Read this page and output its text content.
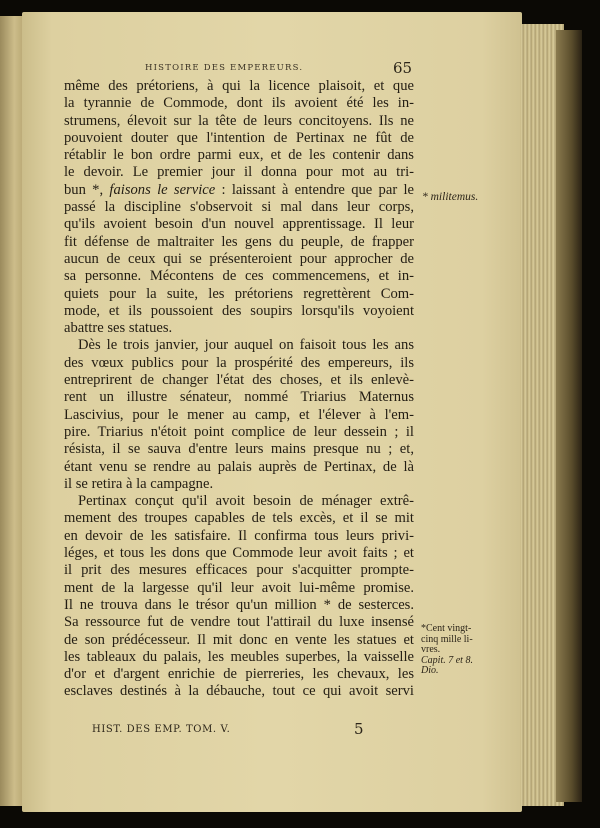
HISTOIRE DES EMPEREURS.	65
même des prétoriens, à qui la licence plaisoit, et que
la tyrannie de Commode, dont ils avoient été les in-
strumens, élevoit sur la tête de leurs concitoyens. Ils ne
pouvoient douter que l'intention de Pertinax ne fût de
rétablir le bon ordre parmi eux, et de les contenir dans
le devoir. Le premier jour il donna pour mot au tri-
bun *, faisons le service : laissant à entendre que par le
passé la discipline s'observoit si mal dans leur corps,
qu'ils avoient besoin d'un nouvel apprentissage. Il leur
fit défense de maltraiter les gens du peuple, de frapper
aucun de ceux qui se présenteroient pour approcher de
sa personne. Mécontens de ces commencemens, et in-
quiets pour la suite, les prétoriens regrettèrent Com-
mode, et ils poussoient des soupirs lorsqu'ils voyoient
abattre ses statues.
Dès le trois janvier, jour auquel on faisoit tous les ans
des vœux publics pour la prospérité des empereurs, ils
entreprirent de changer l'état des choses, et ils enlevè-
rent un illustre sénateur, nommé Triarius Maternus
Lascivius, pour le mener au camp, et l'élever à l'em-
pire. Triarius n'étoit point complice de leur dessein ; il
résista, il se sauva d'entre leurs mains presque nu ; et,
étant venu se rendre au palais auprès de Pertinax, de là
il se retira à la campagne.
Pertinax conçut qu'il avoit besoin de ménager extrê-
mement des troupes capables de tels excès, et il se mit
en devoir de les satisfaire. Il confirma tous leurs privi-
léges, et tous les dons que Commode leur avoit faits ; et
il prit des mesures efficaces pour s'acquitter prompte-
ment de la largesse qu'il leur avoit lui-même promise.
Il ne trouva dans le trésor qu'un million * de sesterces.
Sa ressource fut de vendre tout l'attirail du luxe insensé
de son prédécesseur. Il mit donc en vente les statues et
les tableaux du palais, les meubles superbes, la vaisselle
d'or et d'argent enrichie de pierreries, les chevaux, les
esclaves destinés à la débauche, tout ce qui avoit servi
* militemus.
*Cent vingt-
cinq mille li-
vres.
Capit. 7 et 8.
Dio.
HIST. DES EMP. TOM. V.	5
